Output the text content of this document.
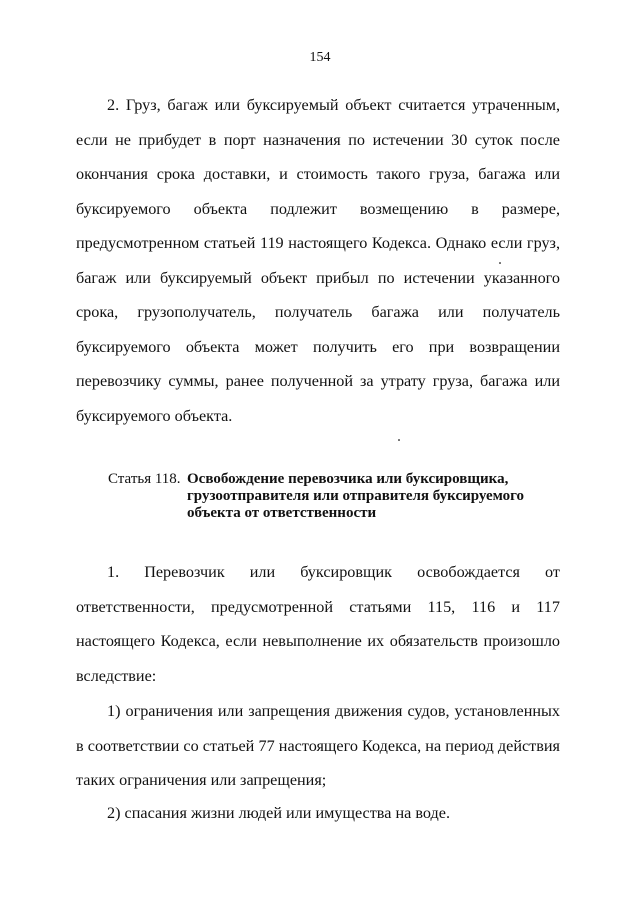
154

2. Груз, багаж или буксируемый объект считается утраченным, если не прибудет в порт назначения по истечении 30 суток после окончания срока доставки, и стоимость такого груза, багажа или буксируемого объекта подлежит возмещению в размере, предусмотренном статьей 119 настоящего Кодекса. Однако если груз, багаж или буксируемый объект прибыл по истечении указанного срока, грузополучатель, получатель багажа или получатель буксируемого объекта может получить его при возвращении перевозчику суммы, ранее полученной за утрату груза, багажа или буксируемого объекта.

Статья 118. Освобождение перевозчика или буксировщика,
грузоотправителя или отправителя буксируемого
объекта от ответственности

1. Перевозчик или буксировщик освобождается от ответственности, предусмотренной статьями 115, 116 и 117 настоящего Кодекса, если невыполнение их обязательств произошло вследствие:

1) ограничения или запрещения движения судов, установленных в соответствии со статьей 77 настоящего Кодекса, на период действия таких ограничения или запрещения;

2) спасания жизни людей или имущества на воде.
